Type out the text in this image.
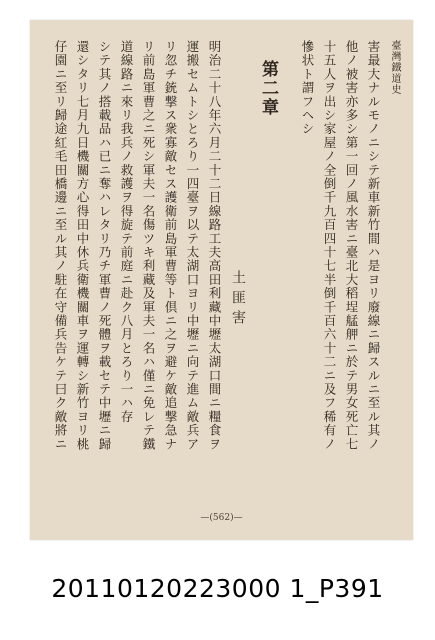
臺灣鐵道史
害最大ナルモノニシテ新車新竹間ハ是ヨリ廢線ニ歸スルニ至ル其ノ
他ノ被害亦多シ第一回ノ風水害ニ臺北大稻埕艋舺ニ於テ男女死亡七
十五人ヲ出シ家屋ノ全倒千九百四十七半倒千百六十二ニ及フ稀有ノ
慘状ト謂フヘシ
第二章
土匪害
明治二十八年六月二十二日線路工夫高田利藏中壢太湖口間ニ糧食ヲ
運搬セムトシとろり一四臺ヲ以テ太湖口ヨリ中壢ニ向テ進ム敵兵ア
リ忽チ銃撃ス衆寡敵セス護衛前島軍曹等ト倶ニ之ヲ避ケ敵追撃急ナ
リ前島軍曹之ニ死シ軍夫一名傷ツキ利藏及軍夫一名ハ僅ニ免レテ鐵
道線路ニ來リ我兵ノ救護ヲ得旋テ前庭ニ赴ク八月とろり一ハ存
シテ其ノ搭載品ハ已ニ奪ハレタリ乃チ軍曹ノ死體ヲ載セテ中壢ニ歸
還シタリ七月九日機關方心得田中休兵衛機關車ヲ運轉シ新竹ヨリ桃
仔園ニ至リ歸途紅毛田橋邊ニ至ル其ノ駐在守備兵告ケテ曰ク敵將ニ
—(562)—
20110120223000 1_P391
